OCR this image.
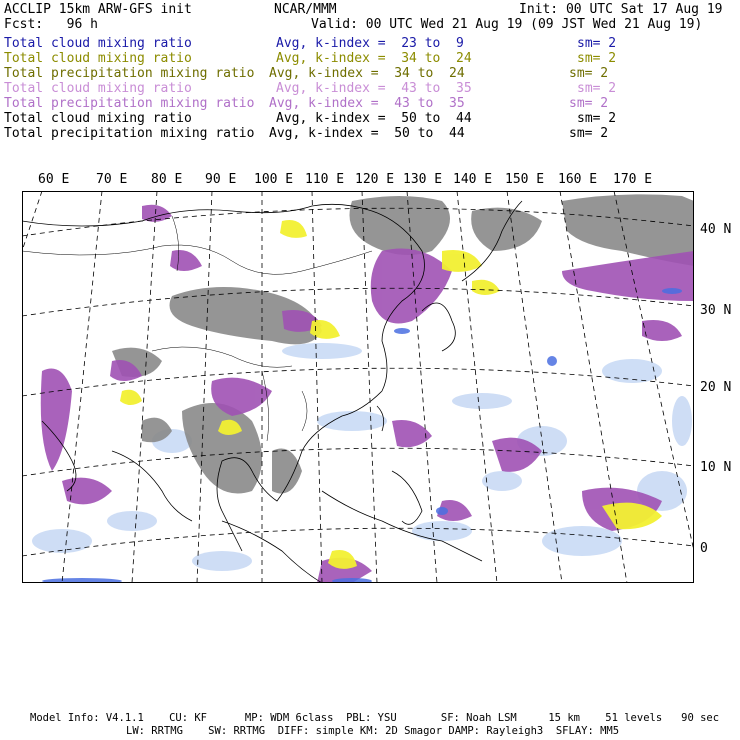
ACCLIP 15km ARW-GFS init	NCAR/MMM	Init: 00 UTC Sat 17 Aug 19
Fcst:   96 h	Valid: 00 UTC Wed 21 Aug 19 (09 JST Wed 21 Aug 19)
Total cloud mixing ratio	Avg, k-index =  23 to  9	sm= 2
Total cloud mixing ratio	Avg, k-index =  34 to  24	sm= 2
Total precipitation mixing ratio Avg, k-index =  34 to  24	sm= 2
Total cloud mixing ratio	Avg, k-index =  43 to  35	sm= 2
Total precipitation mixing ratio Avg, k-index =  43 to  35	sm= 2
Total cloud mixing ratio	Avg, k-index =  50 to  44	sm= 2
Total precipitation mixing ratio Avg, k-index =  50 to  44	sm= 2
60 E 70 E 80 E 90 E 100 E 110 E 120 E 130 E 140 E 150 E 160 E 170 E
40 N
30 N
20 N
10 N
0
Model Info: V4.1.1    CU: KF      MP: WDM 6class  PBL: YSU       SF: Noah LSM     15 km    51 levels   90 sec
LW: RRTMG    SW: RRTMG  DIFF: simple KM: 2D Smagor DAMP: Rayleigh3  SFLAY: MM5
